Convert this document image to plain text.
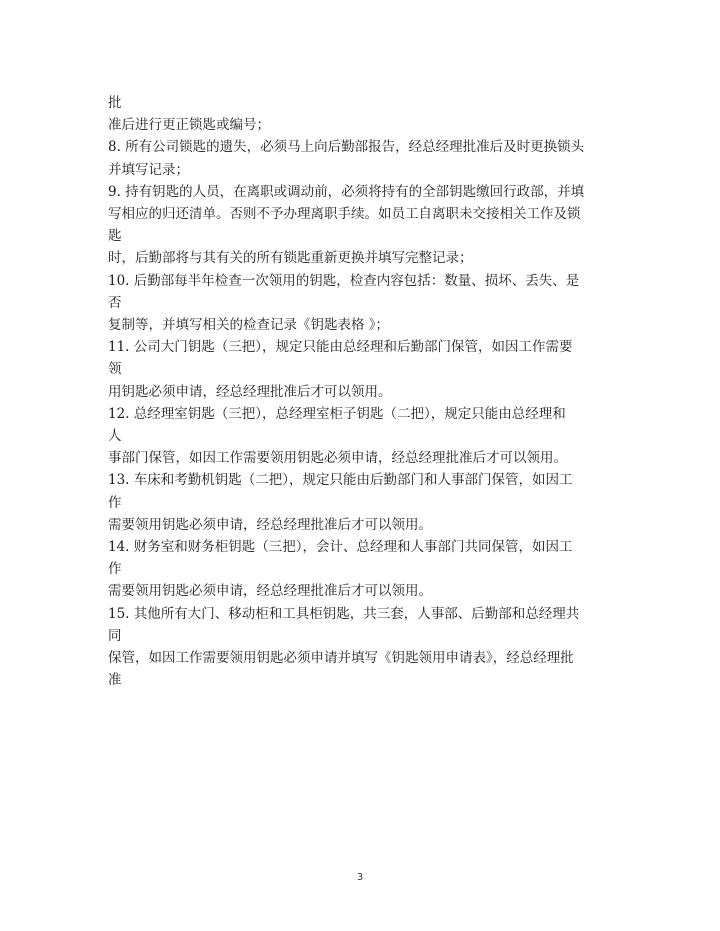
批
准后进行更正锁匙或编号；
8. 所有公司锁匙的遗失，必须马上向后勤部报告，经总经理批准后及时更换锁头
并填写记录；
9. 持有钥匙的人员，在离职或调动前，必须将持有的全部钥匙缴回行政部，并填
写相应的归还清单。否则不予办理离职手续。如员工自离职未交接相关工作及锁
匙
时，后勤部将与其有关的所有锁匙重新更换并填写完整记录；
10. 后勤部每半年检查一次领用的钥匙，检查内容包括：数量、损坏、丢失、是
否
复制等，并填写相关的检查记录《钥匙表格 》；
11. 公司大门钥匙（三把），规定只能由总经理和后勤部门保管，如因工作需要
领
用钥匙必须申请，经总经理批准后才可以领用。
12. 总经理室钥匙（三把），总经理室柜子钥匙（二把），规定只能由总经理和
人
事部门保管，如因工作需要领用钥匙必须申请，经总经理批准后才可以领用。
13. 车床和考勤机钥匙（二把），规定只能由后勤部门和人事部门保管，如因工
作
需要领用钥匙必须申请，经总经理批准后才可以领用。
14. 财务室和财务柜钥匙（三把），会计、总经理和人事部门共同保管，如因工
作
需要领用钥匙必须申请，经总经理批准后才可以领用。
15. 其他所有大门、移动柜和工具柜钥匙，共三套，人事部、后勤部和总经理共
同
保管，如因工作需要领用钥匙必须申请并填写《钥匙领用申请表》，经总经理批
准
3
